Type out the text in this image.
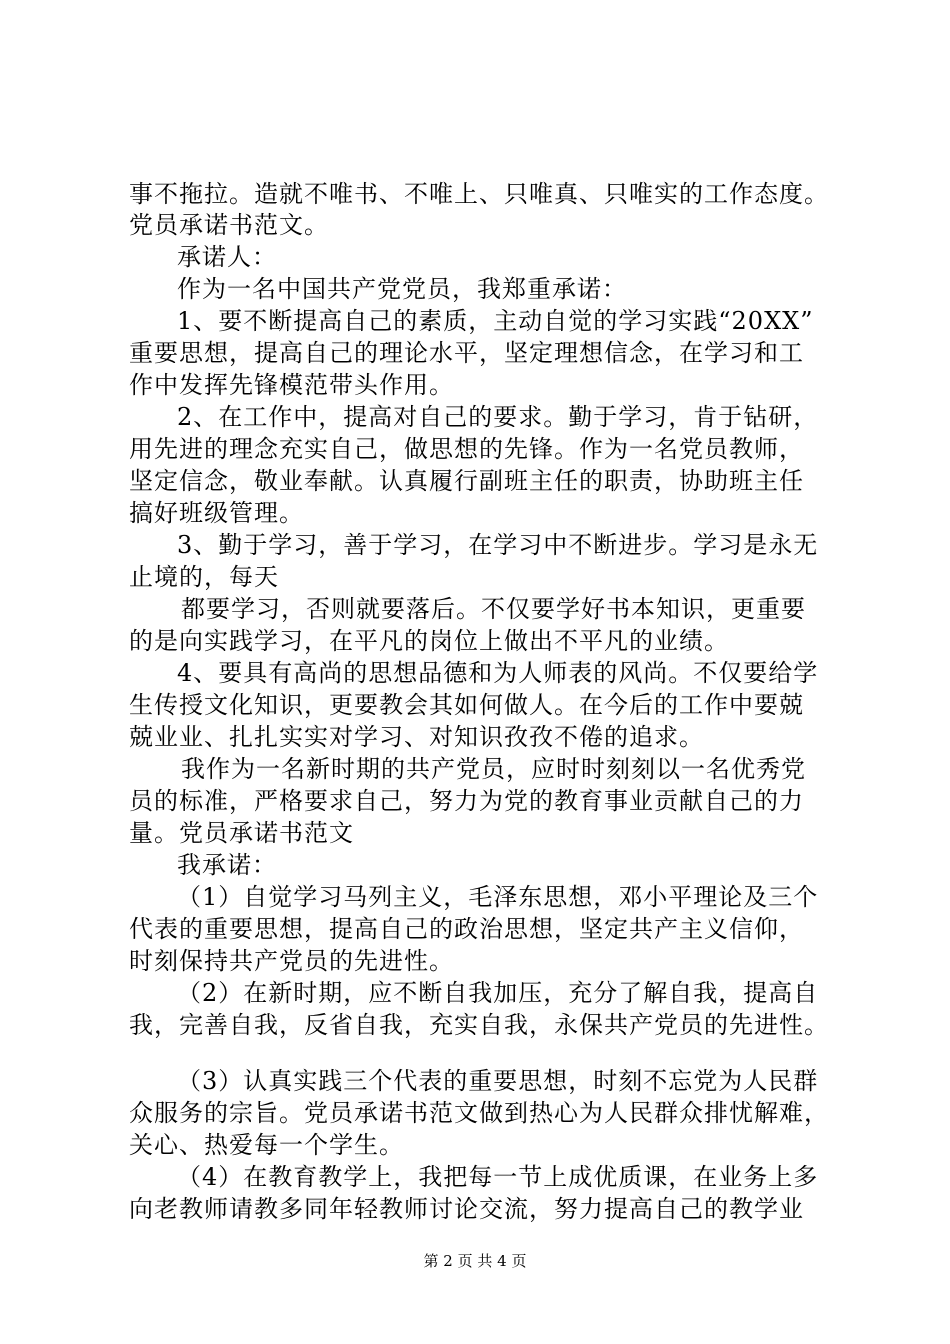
事不拖拉。造就不唯书、不唯上、只唯真、只唯实的工作态度。
党员承诺书范文。
承诺人：
作为一名中国共产党党员，我郑重承诺：
1、要不断提高自己的素质，主动自觉的学习实践“20XX”
重要思想，提高自己的理论水平，坚定理想信念，在学习和工
作中发挥先锋模范带头作用。
2、在工作中，提高对自己的要求。勤于学习，肯于钻研，
用先进的理念充实自己，做思想的先锋。作为一名党员教师，
坚定信念，敬业奉献。认真履行副班主任的职责，协助班主任
搞好班级管理。
3、勤于学习，善于学习，在学习中不断进步。学习是永无
止境的，每天
都要学习，否则就要落后。不仅要学好书本知识，更重要
的是向实践学习，在平凡的岗位上做出不平凡的业绩。
4、要具有高尚的思想品德和为人师表的风尚。不仅要给学
生传授文化知识，更要教会其如何做人。在今后的工作中要兢
兢业业、扎扎实实对学习、对知识孜孜不倦的追求。
我作为一名新时期的共产党员，应时时刻刻以一名优秀党
员的标准，严格要求自己，努力为党的教育事业贡献自己的力
量。党员承诺书范文
我承诺：
（1）自觉学习马列主义，毛泽东思想，邓小平理论及三个
代表的重要思想，提高自己的政治思想，坚定共产主义信仰，
时刻保持共产党员的先进性。
（2）在新时期，应不断自我加压，充分了解自我，提高自
我，完善自我，反省自我，充实自我，永保共产党员的先进性。
（3）认真实践三个代表的重要思想，时刻不忘党为人民群
众服务的宗旨。党员承诺书范文做到热心为人民群众排忧解难，
关心、热爱每一个学生。
（4）在教育教学上，我把每一节上成优质课，在业务上多
向老教师请教多同年轻教师讨论交流，努力提高自己的教学业
第 2 页 共 4 页
